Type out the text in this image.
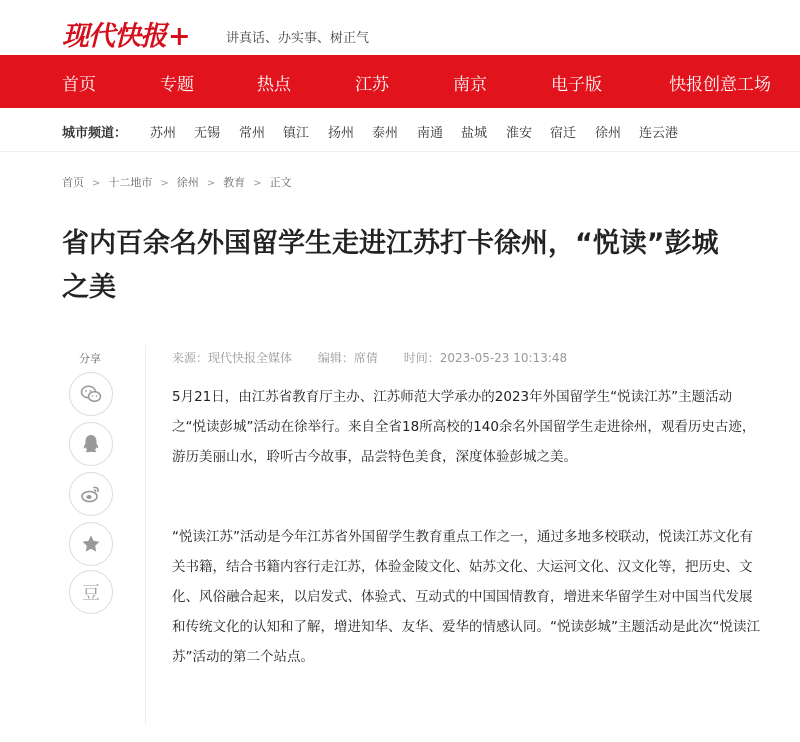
现代快报+	讲真话、办实事、树正气
首页	专题	热点	江苏	南京	电子版	快报创意工场
城市频道： 苏州 无锡 常州 镇江 扬州 泰州 南通 盐城 淮安 宿迁 徐州 连云港
首页 > 十二地市 > 徐州 > 教育 > 正文
省内百余名外国留学生走进江苏打卡徐州，“悦读”彭城之美
分享
豆
来源：现代快报全媒体 编辑：席倩 时间：2023-05-23 10:13:48

5月21日，由江苏省教育厅主办、江苏师范大学承办的2023年外国留学生“悦读江苏”主题活动之“悦读彭城”活动在徐举行。来自全省18所高校的140余名外国留学生走进徐州，观看历史古迹，游历美丽山水，聆听古今故事，品尝特色美食，深度体验彭城之美。

“悦读江苏”活动是今年江苏省外国留学生教育重点工作之一，通过多地多校联动，悦读江苏文化有关书籍，结合书籍内容行走江苏，体验金陵文化、姑苏文化、大运河文化、汉文化等，把历史、文化、风俗融合起来，以启发式、体验式、互动式的中国国情教育，增进来华留学生对中国当代发展和传统文化的认知和了解，增进知华、友华、爱华的情感认同。“悦读彭城”主题活动是此次“悦读江苏”活动的第二个站点。
